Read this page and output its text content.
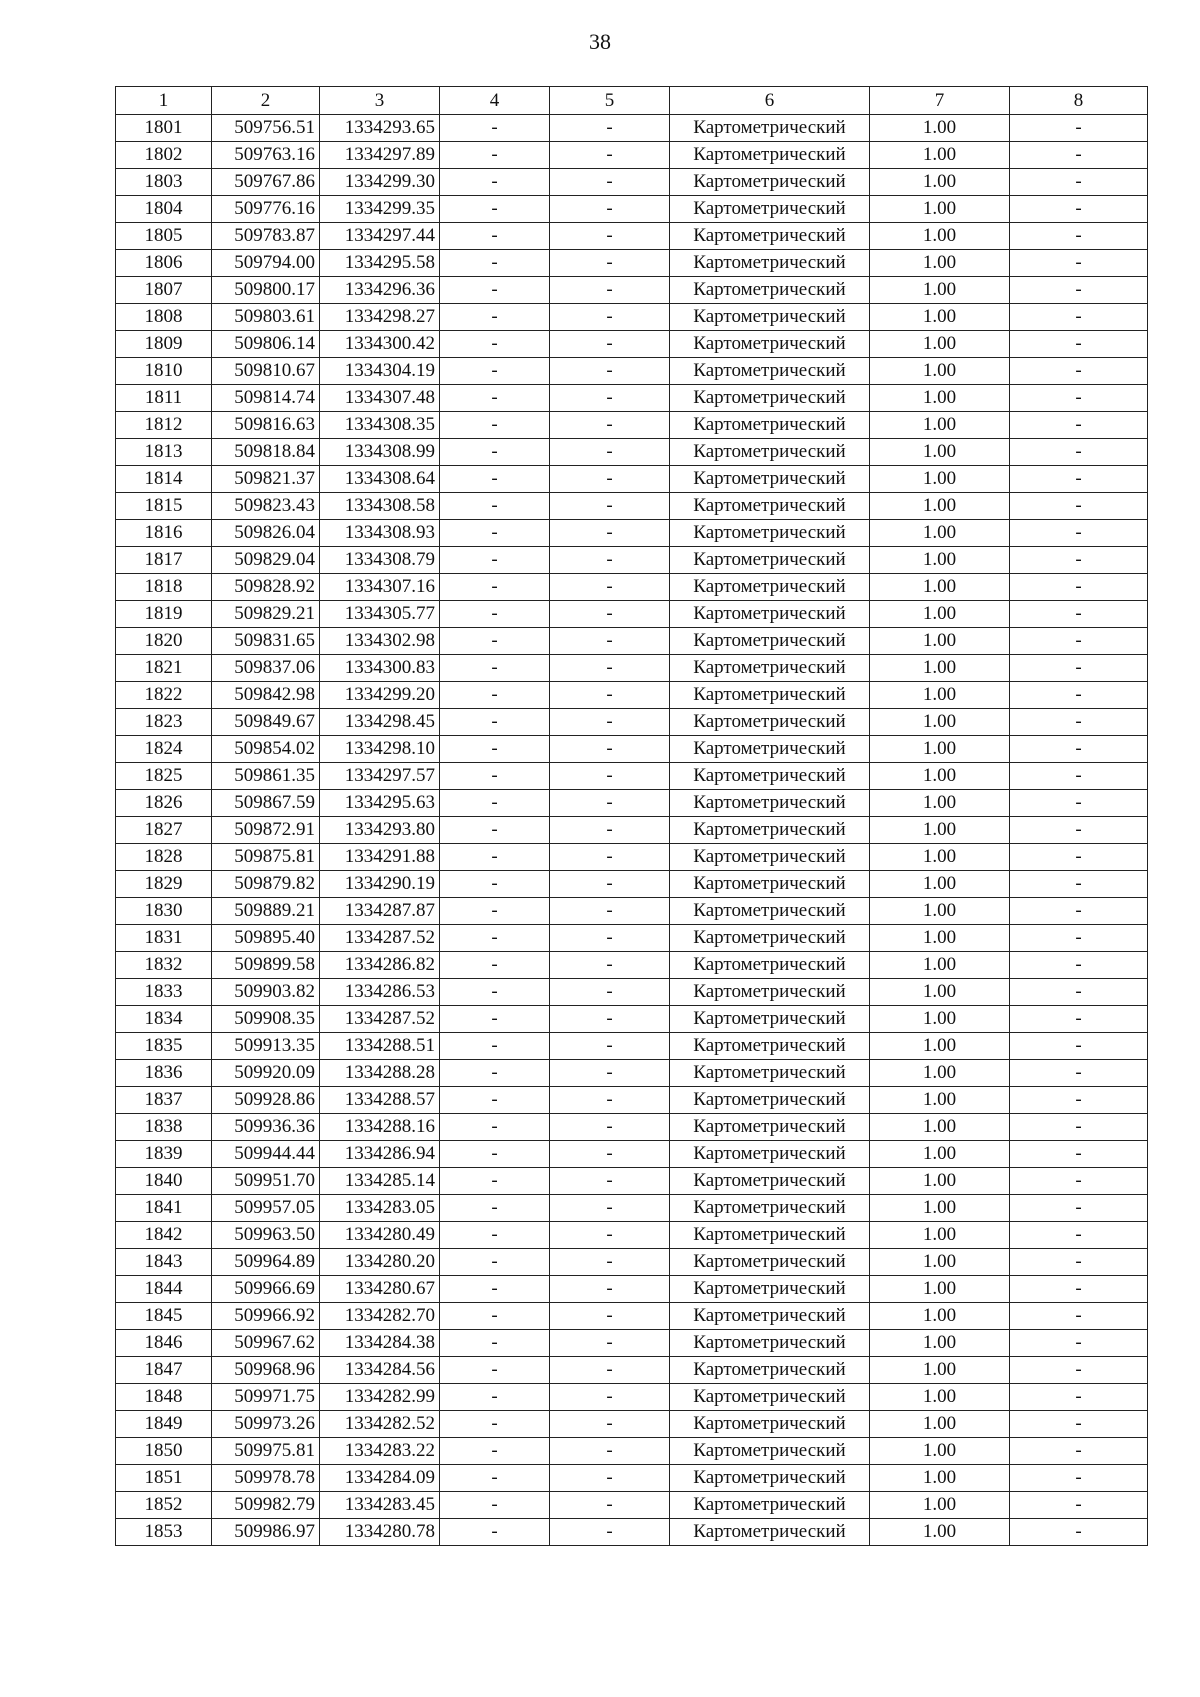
38
1	2	3	4	5	6	7	8
1801	509756.51	1334293.65	-	-	Картометрический	1.00	-
1802	509763.16	1334297.89	-	-	Картометрический	1.00	-
1803	509767.86	1334299.30	-	-	Картометрический	1.00	-
1804	509776.16	1334299.35	-	-	Картометрический	1.00	-
1805	509783.87	1334297.44	-	-	Картометрический	1.00	-
1806	509794.00	1334295.58	-	-	Картометрический	1.00	-
1807	509800.17	1334296.36	-	-	Картометрический	1.00	-
1808	509803.61	1334298.27	-	-	Картометрический	1.00	-
1809	509806.14	1334300.42	-	-	Картометрический	1.00	-
1810	509810.67	1334304.19	-	-	Картометрический	1.00	-
1811	509814.74	1334307.48	-	-	Картометрический	1.00	-
1812	509816.63	1334308.35	-	-	Картометрический	1.00	-
1813	509818.84	1334308.99	-	-	Картометрический	1.00	-
1814	509821.37	1334308.64	-	-	Картометрический	1.00	-
1815	509823.43	1334308.58	-	-	Картометрический	1.00	-
1816	509826.04	1334308.93	-	-	Картометрический	1.00	-
1817	509829.04	1334308.79	-	-	Картометрический	1.00	-
1818	509828.92	1334307.16	-	-	Картометрический	1.00	-
1819	509829.21	1334305.77	-	-	Картометрический	1.00	-
1820	509831.65	1334302.98	-	-	Картометрический	1.00	-
1821	509837.06	1334300.83	-	-	Картометрический	1.00	-
1822	509842.98	1334299.20	-	-	Картометрический	1.00	-
1823	509849.67	1334298.45	-	-	Картометрический	1.00	-
1824	509854.02	1334298.10	-	-	Картометрический	1.00	-
1825	509861.35	1334297.57	-	-	Картометрический	1.00	-
1826	509867.59	1334295.63	-	-	Картометрический	1.00	-
1827	509872.91	1334293.80	-	-	Картометрический	1.00	-
1828	509875.81	1334291.88	-	-	Картометрический	1.00	-
1829	509879.82	1334290.19	-	-	Картометрический	1.00	-
1830	509889.21	1334287.87	-	-	Картометрический	1.00	-
1831	509895.40	1334287.52	-	-	Картометрический	1.00	-
1832	509899.58	1334286.82	-	-	Картометрический	1.00	-
1833	509903.82	1334286.53	-	-	Картометрический	1.00	-
1834	509908.35	1334287.52	-	-	Картометрический	1.00	-
1835	509913.35	1334288.51	-	-	Картометрический	1.00	-
1836	509920.09	1334288.28	-	-	Картометрический	1.00	-
1837	509928.86	1334288.57	-	-	Картометрический	1.00	-
1838	509936.36	1334288.16	-	-	Картометрический	1.00	-
1839	509944.44	1334286.94	-	-	Картометрический	1.00	-
1840	509951.70	1334285.14	-	-	Картометрический	1.00	-
1841	509957.05	1334283.05	-	-	Картометрический	1.00	-
1842	509963.50	1334280.49	-	-	Картометрический	1.00	-
1843	509964.89	1334280.20	-	-	Картометрический	1.00	-
1844	509966.69	1334280.67	-	-	Картометрический	1.00	-
1845	509966.92	1334282.70	-	-	Картометрический	1.00	-
1846	509967.62	1334284.38	-	-	Картометрический	1.00	-
1847	509968.96	1334284.56	-	-	Картометрический	1.00	-
1848	509971.75	1334282.99	-	-	Картометрический	1.00	-
1849	509973.26	1334282.52	-	-	Картометрический	1.00	-
1850	509975.81	1334283.22	-	-	Картометрический	1.00	-
1851	509978.78	1334284.09	-	-	Картометрический	1.00	-
1852	509982.79	1334283.45	-	-	Картометрический	1.00	-
1853	509986.97	1334280.78	-	-	Картометрический	1.00	-
